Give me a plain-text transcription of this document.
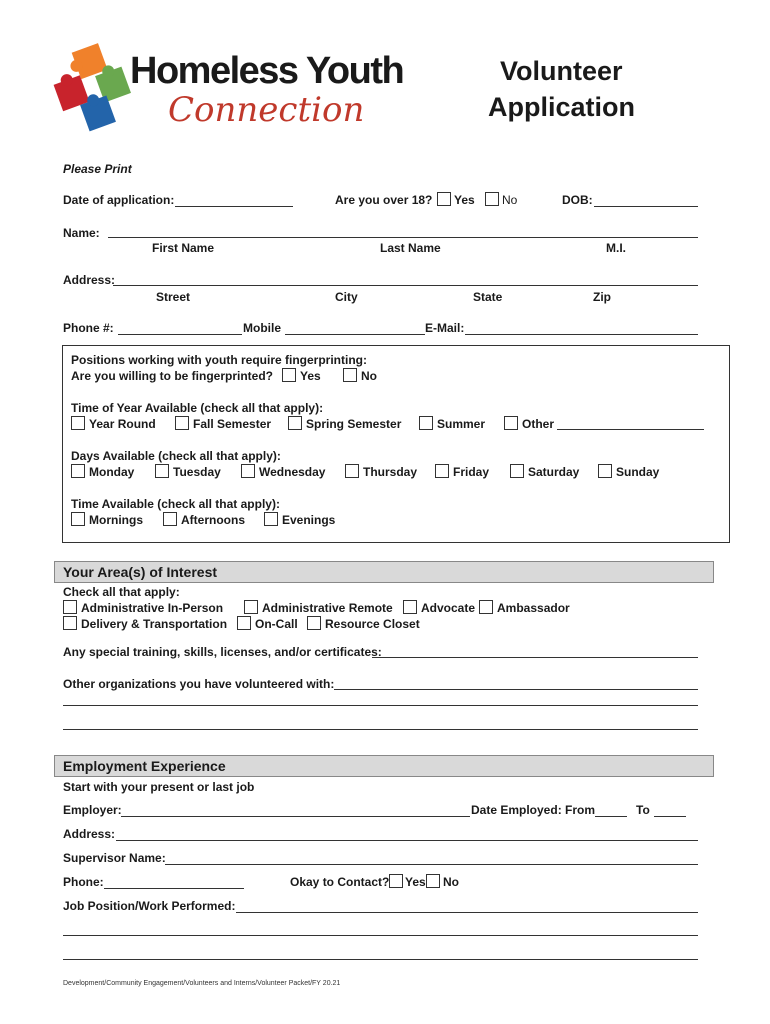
Homeless Youth
Connection
Volunteer
Application
Please Print
Date of application:	Are you over 18? Yes No	DOB:
Name:
First Name	Last Name	M.I.
Address:
Street	City	State	Zip
Phone #:	Mobile	E-Mail:
Positions working with youth require fingerprinting:
Are you willing to be fingerprinted? Yes	No
Time of Year Available (check all that apply):
Year Round	Fall Semester	Spring Semester	Summer	Other
Days Available (check all that apply):
Monday	Tuesday	Wednesday	Thursday	Friday	Saturday	Sunday
Time Available (check all that apply):
Mornings	Afternoons	Evenings
Your Area(s) of Interest
Check all that apply:
Administrative In-Person	Administrative Remote Advocate Ambassador
Delivery & Transportation On-Call Resource Closet
Any special training, skills, licenses, and/or certificates:
Other organizations you have volunteered with:
Employment Experience
Start with your present or last job
Employer:	Date Employed: From	To
Address:
Supervisor Name:
Phone:	Okay to Contact? Yes No
Job Position/Work Performed:
Development/Community Engagement/Volunteers and Interns/Volunteer Packet/FY 20.21
